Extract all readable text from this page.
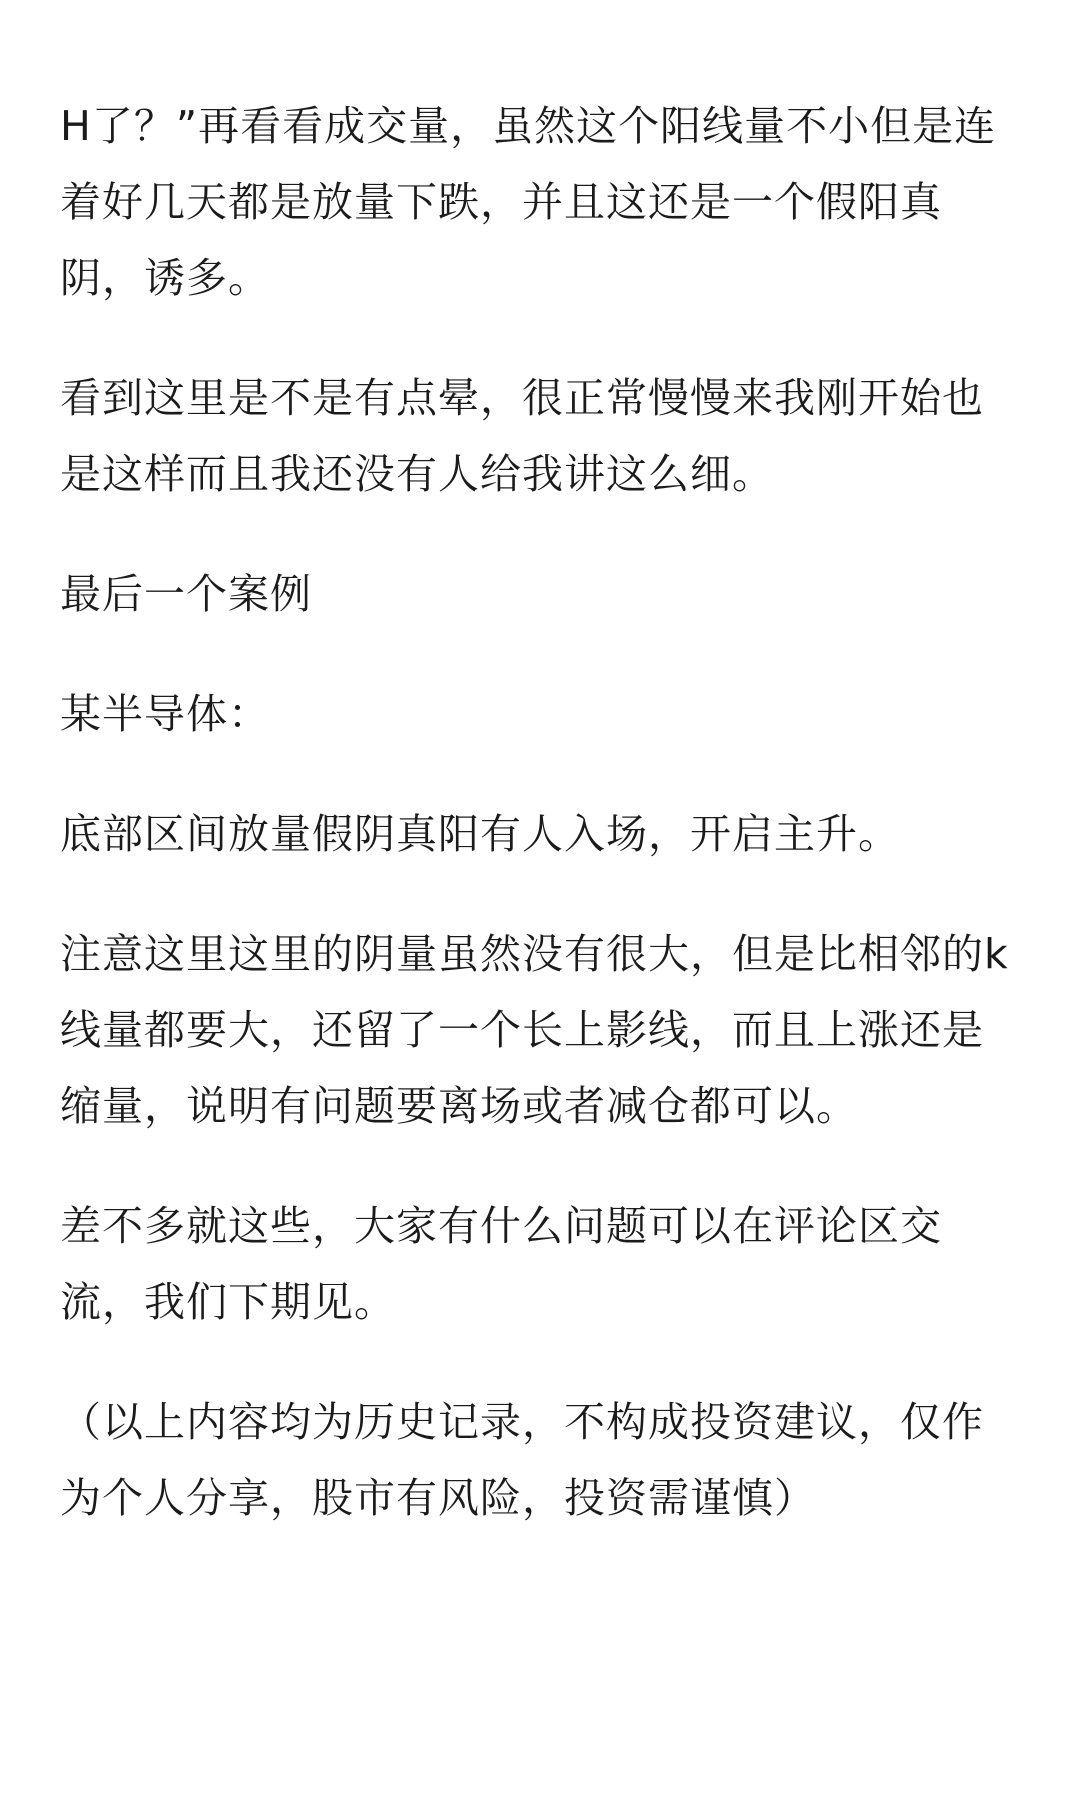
H了？”再看看成交量，虽然这个阳线量不小但是连着好几天都是放量下跌，并且这还是一个假阳真阴，诱多。

看到这里是不是有点晕，很正常慢慢来我刚开始也是这样而且我还没有人给我讲这么细。

最后一个案例

某半导体：

底部区间放量假阴真阳有人入场，开启主升。

注意这里这里的阴量虽然没有很大，但是比相邻的k线量都要大，还留了一个长上影线，而且上涨还是缩量，说明有问题要离场或者减仓都可以。

差不多就这些，大家有什么问题可以在评论区交流，我们下期见。

（以上内容均为历史记录，不构成投资建议，仅作为个人分享，股市有风险，投资需谨慎）
